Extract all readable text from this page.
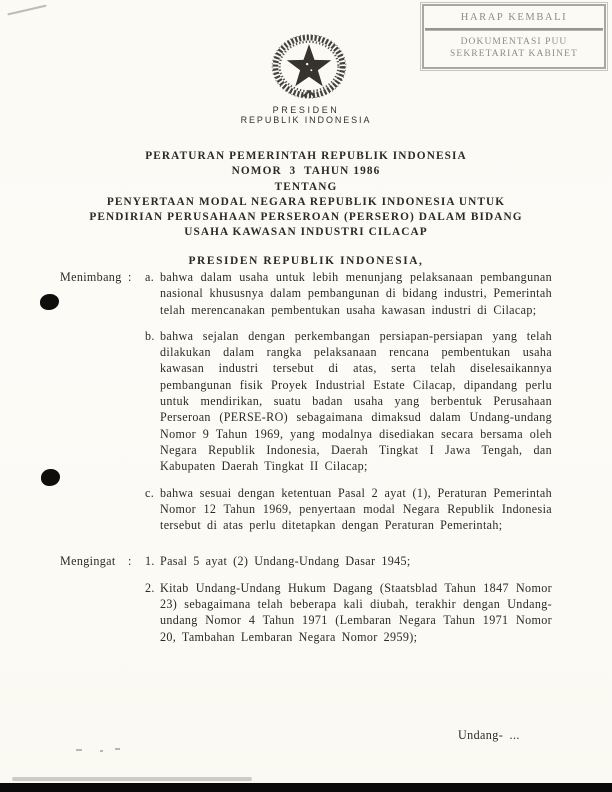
HARAP KEMBALI
DOKUMENTASI PUU
SEKRETARIAT KABINET
PRESIDEN
REPUBLIK INDONESIA
PERATURAN PEMERINTAH REPUBLIK INDONESIA
NOMOR  3  TAHUN 1986
TENTANG
PENYERTAAN MODAL NEGARA REPUBLIK INDONESIA UNTUK
PENDIRIAN PERUSAHAAN PERSEROAN (PERSERO) DALAM BIDANG
USAHA KAWASAN INDUSTRI CILACAP
PRESIDEN REPUBLIK INDONESIA,
Menimbang :	a. bahwa dalam usaha untuk lebih menunjang pelaksanaan pembangunan nasional khususnya dalam pembangunan di bidang industri, Pemerintah telah merencanakan pembentukan usaha kawasan industri di Cilacap;
b. bahwa sejalan dengan perkembangan persiapan-persiapan yang telah dilakukan dalam rangka pelaksanaan rencana pembentukan usaha kawasan industri tersebut di atas, serta telah diselesaikannya pembangunan fisik Proyek Industrial Estate Cilacap, dipandang perlu untuk mendirikan, suatu badan usaha yang berbentuk Perusahaan Perseroan (PERSE-RO) sebagaimana dimaksud dalam Undang-undang Nomor 9 Tahun 1969, yang modalnya disediakan secara bersama oleh Negara Republik Indonesia, Daerah Tingkat I Jawa Tengah, dan Kabupaten Daerah Tingkat II Cilacap;
c. bahwa sesuai dengan ketentuan Pasal 2 ayat (1), Peraturan Pemerintah Nomor 12 Tahun 1969, penyertaan modal Negara Republik Indonesia tersebut di atas perlu ditetapkan dengan Peraturan Pemerintah;
Mengingat	:	1. Pasal 5 ayat (2) Undang-Undang Dasar 1945;
2. Kitab Undang-Undang Hukum Dagang (Staatsblad Tahun 1847 Nomor 23) sebagaimana telah beberapa kali diubah, terakhir dengan Undang-undang Nomor 4 Tahun 1971 (Lembaran Negara Tahun 1971 Nomor 20, Tambahan Lembaran Negara Nomor 2959);
Undang- ...
